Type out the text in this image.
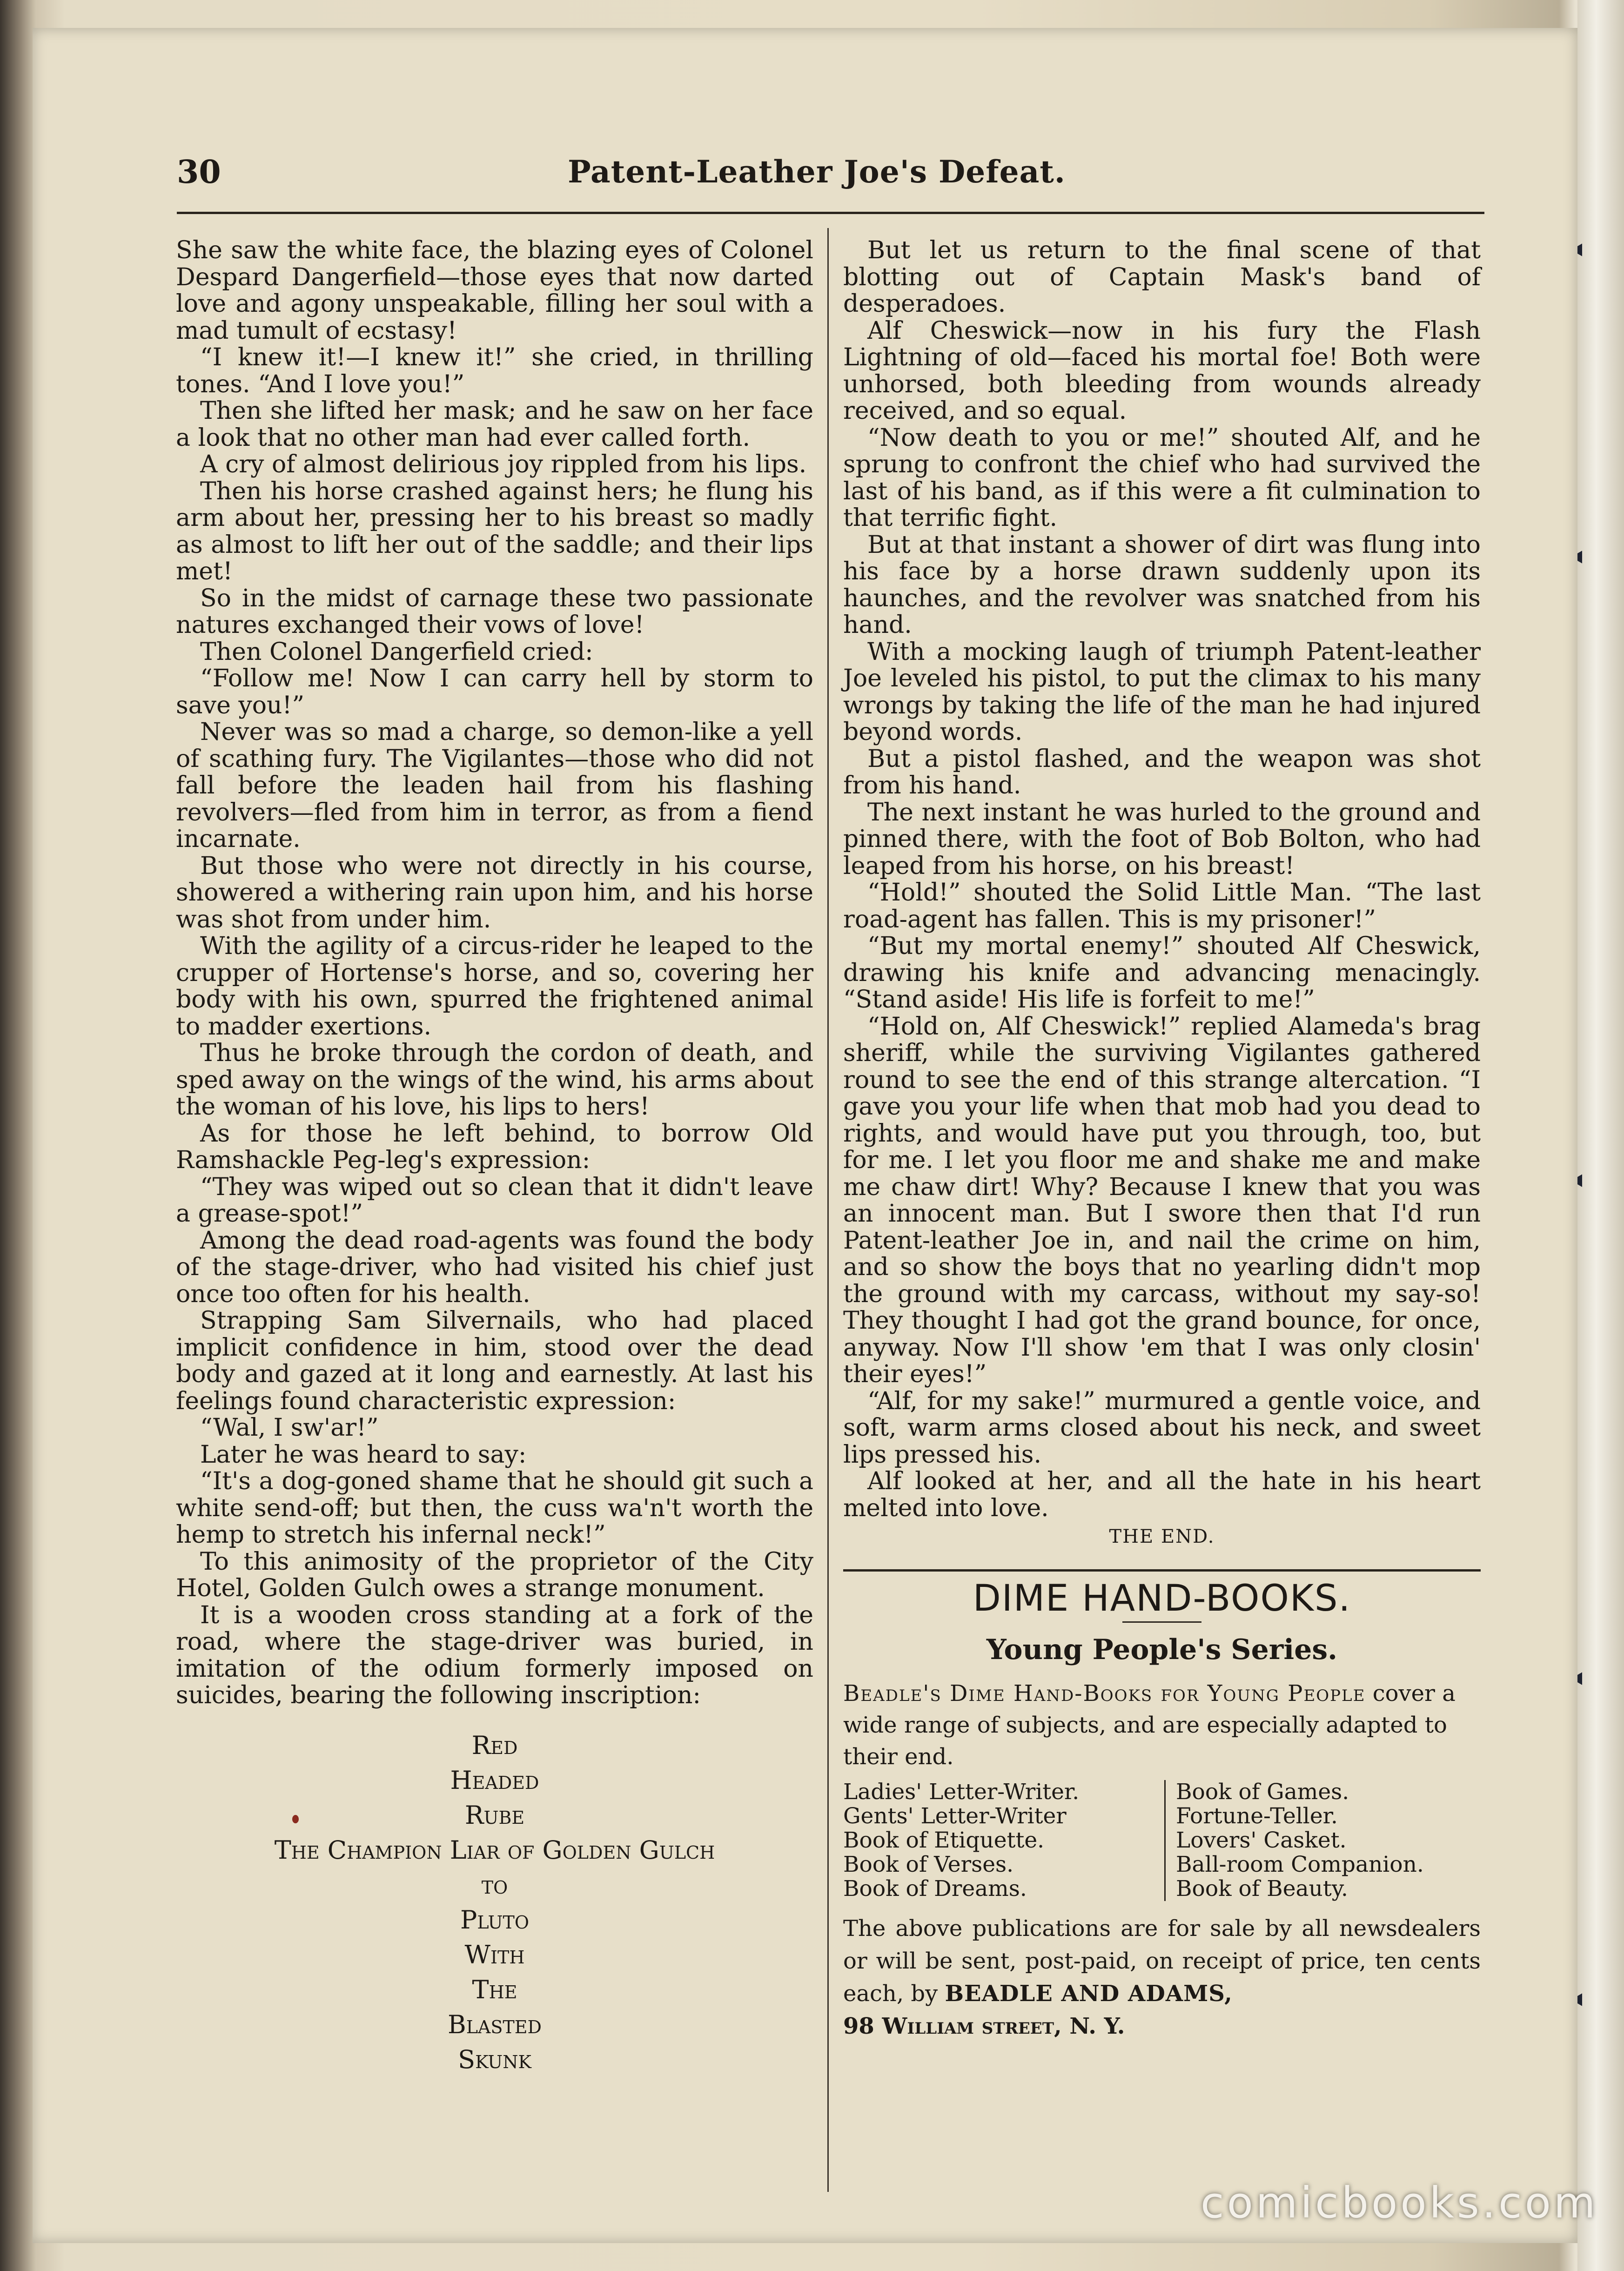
30	Patent-Leather Joe's Defeat.

She saw the white face, the blazing eyes of Colonel Despard Dangerfield—those eyes that now darted love and agony unspeakable, filling her soul with a mad tumult of ecstasy!

“I knew it!—I knew it!” she cried, in thrilling tones. “And I love you!”

Then she lifted her mask; and he saw on her face a look that no other man had ever called forth.

A cry of almost delirious joy rippled from his lips.

Then his horse crashed against hers; he flung his arm about her, pressing her to his breast so madly as almost to lift her out of the saddle; and their lips met!

So in the midst of carnage these two passionate natures exchanged their vows of love!

Then Colonel Dangerfield cried:

“Follow me! Now I can carry hell by storm to save you!”

Never was so mad a charge, so demon-like a yell of scathing fury. The Vigilantes—those who did not fall before the leaden hail from his flashing revolvers—fled from him in terror, as from a fiend incarnate.

But those who were not directly in his course, showered a withering rain upon him, and his horse was shot from under him.

With the agility of a circus-rider he leaped to the crupper of Hortense's horse, and so, covering her body with his own, spurred the frightened animal to madder exertions.

Thus he broke through the cordon of death, and sped away on the wings of the wind, his arms about the woman of his love, his lips to hers!

As for those he left behind, to borrow Old Ramshackle Peg-leg's expression:

“They was wiped out so clean that it didn't leave a grease-spot!”

Among the dead road-agents was found the body of the stage-driver, who had visited his chief just once too often for his health.

Strapping Sam Silvernails, who had placed implicit confidence in him, stood over the dead body and gazed at it long and earnestly. At last his feelings found characteristic expression:

“Wal, I sw'ar!”

Later he was heard to say:

“It's a dog-goned shame that he should git such a white send-off; but then, the cuss wa'n't worth the hemp to stretch his infernal neck!”

To this animosity of the proprietor of the City Hotel, Golden Gulch owes a strange monument.

It is a wooden cross standing at a fork of the road, where the stage-driver was buried, in imitation of the odium formerly imposed on suicides, bearing the following inscription:

Red
Headed
Rube
The Champion Liar of Golden Gulch
to
Pluto
With
The
Blasted
Skunk

But let us return to the final scene of that blotting out of Captain Mask's band of desperadoes.

Alf Cheswick—now in his fury the Flash Lightning of old—faced his mortal foe! Both were unhorsed, both bleeding from wounds already received, and so equal.

“Now death to you or me!” shouted Alf, and he sprung to confront the chief who had survived the last of his band, as if this were a fit culmination to that terrific fight.

But at that instant a shower of dirt was flung into his face by a horse drawn suddenly upon its haunches, and the revolver was snatched from his hand.

With a mocking laugh of triumph Patent-leather Joe leveled his pistol, to put the climax to his many wrongs by taking the life of the man he had injured beyond words.

But a pistol flashed, and the weapon was shot from his hand.

The next instant he was hurled to the ground and pinned there, with the foot of Bob Bolton, who had leaped from his horse, on his breast!

“Hold!” shouted the Solid Little Man. “The last road-agent has fallen. This is my prisoner!”

“But my mortal enemy!” shouted Alf Cheswick, drawing his knife and advancing menacingly. “Stand aside! His life is forfeit to me!”

“Hold on, Alf Cheswick!” replied Alameda's brag sheriff, while the surviving Vigilantes gathered round to see the end of this strange altercation. “I gave you your life when that mob had you dead to rights, and would have put you through, too, but for me. I let you floor me and shake me and make me chaw dirt! Why? Because I knew that you was an innocent man. But I swore then that I'd run Patent-leather Joe in, and nail the crime on him, and so show the boys that no yearling didn't mop the ground with my carcass, without my say-so! They thought I had got the grand bounce, for once, anyway. Now I'll show 'em that I was only closin' their eyes!”

“Alf, for my sake!” murmured a gentle voice, and soft, warm arms closed about his neck, and sweet lips pressed his.

Alf looked at her, and all the hate in his heart melted into love.

THE END.
DIME HAND-BOOKS.
Young People's Series.
Beadle's Dime Hand-Books for Young People cover a wide range of subjects, and are especially adapted to their end.
Ladies' Letter-Writer.
Gents' Letter-Writer
Book of Etiquette.
Book of Verses.
Book of Dreams.
Book of Games.
Fortune-Teller.
Lovers' Casket.
Ball-room Companion.
Book of Beauty.
The above publications are for sale by all newsdealers or will be sent, post-paid, on receipt of price, ten cents each, by BEADLE AND ADAMS,
98 William street, N. Y.
comicbooks.com
